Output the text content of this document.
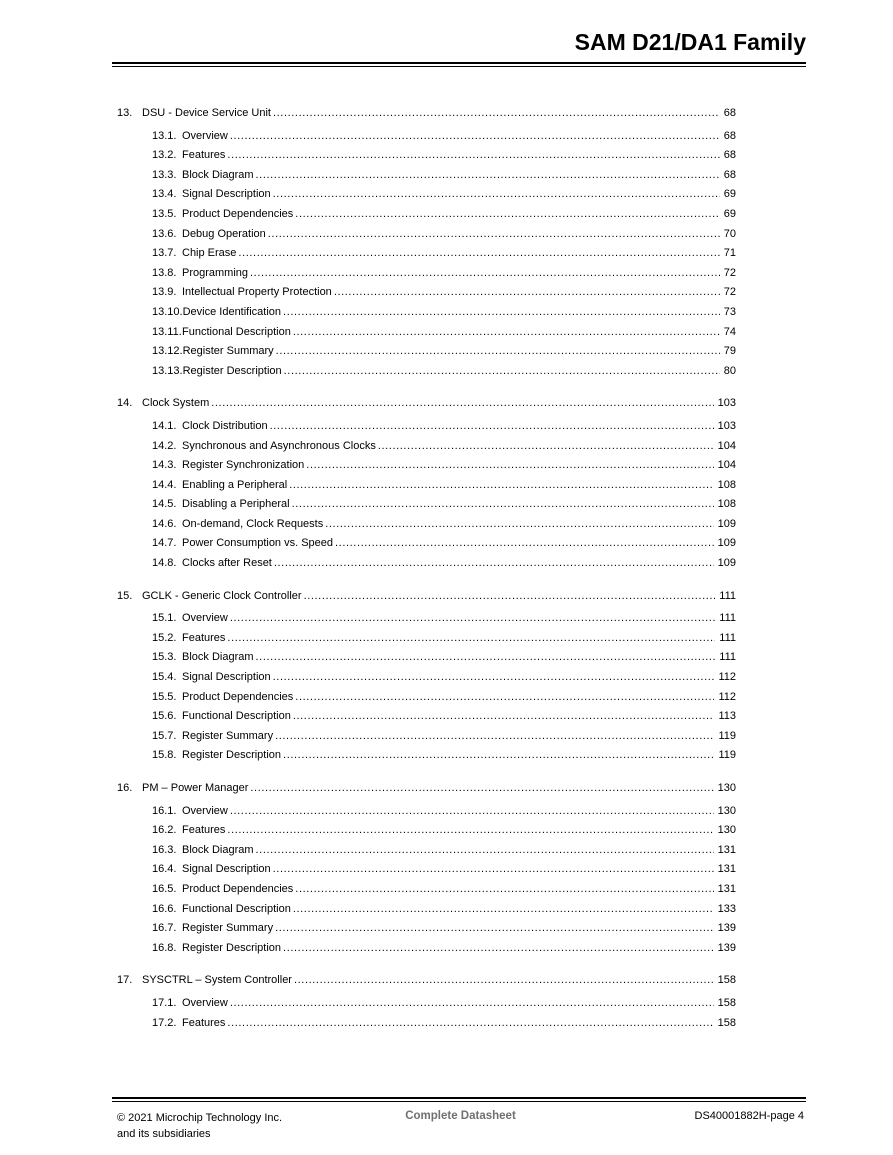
SAM D21/DA1 Family
13. DSU - Device Service Unit .....	68
13.1. Overview .....	68
13.2. Features .....	68
13.3. Block Diagram .....	68
13.4. Signal Description .....	69
13.5. Product Dependencies .....	69
13.6. Debug Operation .....	70
13.7. Chip Erase .....	71
13.8. Programming .....	72
13.9. Intellectual Property Protection .....	72
13.10. Device Identification .....	73
13.11. Functional Description .....	74
13.12. Register Summary .....	79
13.13. Register Description .....	80
14. Clock System .....	103
14.1. Clock Distribution .....	103
14.2. Synchronous and Asynchronous Clocks .....	104
14.3. Register Synchronization .....	104
14.4. Enabling a Peripheral .....	108
14.5. Disabling a Peripheral .....	108
14.6. On-demand, Clock Requests .....	109
14.7. Power Consumption vs. Speed .....	109
14.8. Clocks after Reset .....	109
15. GCLK - Generic Clock Controller .....	111
15.1. Overview .....	111
15.2. Features .....	111
15.3. Block Diagram .....	111
15.4. Signal Description .....	112
15.5. Product Dependencies .....	112
15.6. Functional Description .....	113
15.7. Register Summary .....	119
15.8. Register Description .....	119
16. PM – Power Manager .....	130
16.1. Overview .....	130
16.2. Features .....	130
16.3. Block Diagram .....	131
16.4. Signal Description .....	131
16.5. Product Dependencies .....	131
16.6. Functional Description .....	133
16.7. Register Summary .....	139
16.8. Register Description .....	139
17. SYSCTRL – System Controller .....	158
17.1. Overview .....	158
17.2. Features .....	158
© 2021 Microchip Technology Inc.
and its subsidiaries
Complete Datasheet	DS40001882H-page 4
